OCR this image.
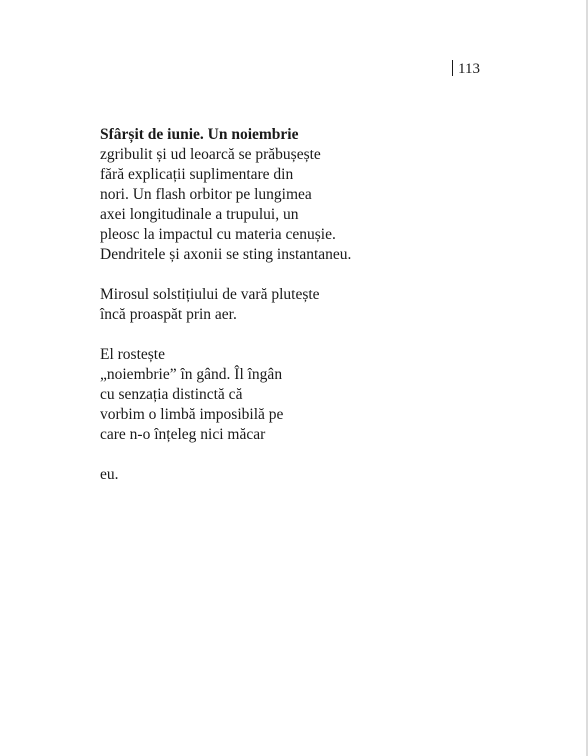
113
Sfârșit de iunie. Un noiembrie
zgribulit și ud leoarcă se prăbușește
fără explicații suplimentare din
nori. Un flash orbitor pe lungimea
axei longitudinale a trupului, un
pleosc la impactul cu materia cenușie.
Dendritele și axonii se sting instantaneu.
Mirosul solstițiului de vară plutește
încă proaspăt prin aer.
El rostește
„noiembrie” în gând. Îl îngân
cu senzația distinctă că
vorbim o limbă imposibilă pe
care n-o înțeleg nici măcar
eu.
